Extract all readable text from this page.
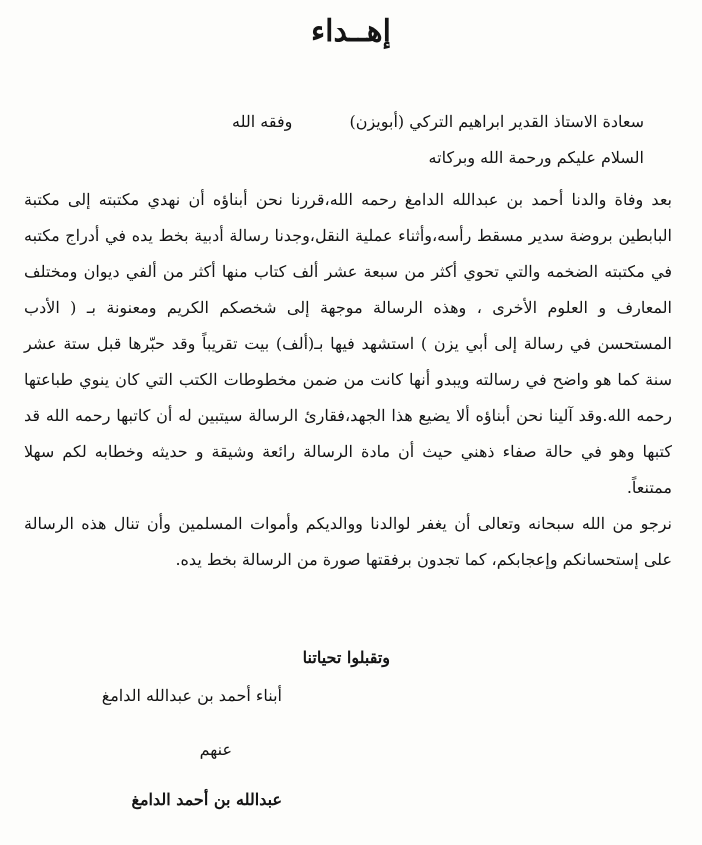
إهــداء
سعادة الاستاذ القدير ابراهيم التركي (أبويزن)
وفقه الله
السلام عليكم ورحمة الله وبركاته
بعد وفاة والدنا أحمد بن عبدالله الدامغ رحمه الله،قررنا نحن أبناؤه أن نهدي مكتبته إلى مكتبة البابطين بروضة سدير مسقط رأسه،وأثناء عملية النقل،وجدنا رسالة أدبية بخط يده في أدراج مكتبه في مكتبته الضخمه والتي تحوي أكثر من سبعة عشر ألف كتاب منها أكثر من ألفي ديوان ومختلف المعارف و العلوم الأخرى ، وهذه الرسالة موجهة إلى شخصكم الكريم ومعنونة بـ ( الأدب المستحسن في رسالة إلى أبي يزن ) استشهد فيها بـ(ألف) بيت تقريباً وقد حبّرها قبل ستة عشر سنة كما هو واضح في رسالته ويبدو أنها كانت من ضمن مخطوطات الكتب التي كان ينوي طباعتها رحمه الله.وقد آلينا نحن أبناؤه ألا يضيع هذا الجهد،فقارئ الرسالة سيتبين له أن كاتبها رحمه الله قد كتبها وهو في حالة صفاء ذهني حيث أن مادة الرسالة رائعة وشيقة و حديثه وخطابه لكم سهلا ممتنعاً.
نرجو من الله سبحانه وتعالى أن يغفر لوالدنا ووالديكم وأموات المسلمين وأن تنال هذه الرسالة على إستحسانكم وإعجابكم، كما تجدون برفقتها صورة من الرسالة بخط يده.
وتقبلوا تحياتنا
أبناء أحمد بن عبدالله الدامغ
عنهم
عبدالله بن أحمد الدامغ
